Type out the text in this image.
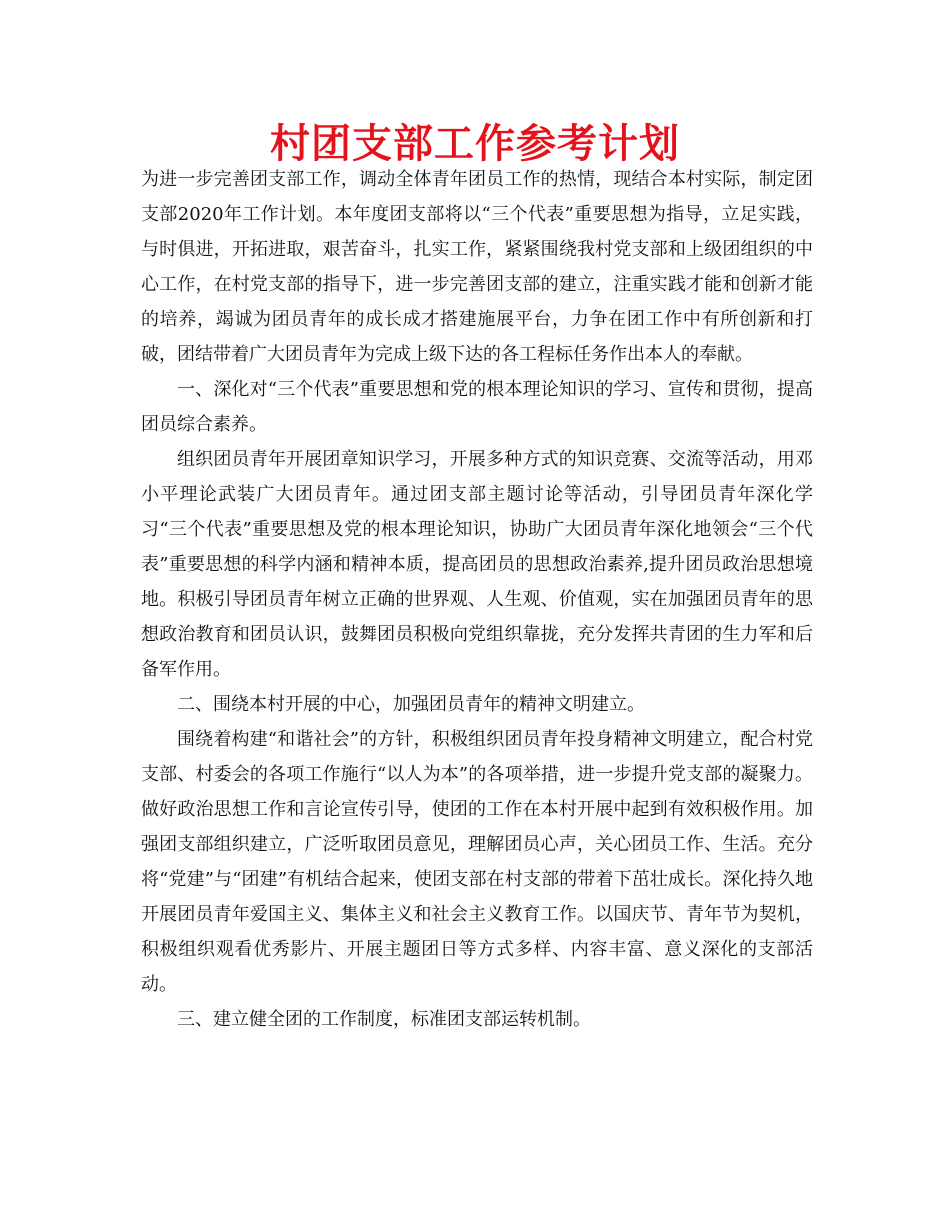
村团支部工作参考计划

为进一步完善团支部工作，调动全体青年团员工作的热情，现结合本村实际，制定团支部2020年工作计划。本年度团支部将以“三个代表”重要思想为指导，立足实践，与时俱进，开拓进取，艰苦奋斗，扎实工作，紧紧围绕我村党支部和上级团组织的中心工作，在村党支部的指导下，进一步完善团支部的建立，注重实践才能和创新才能的培养，竭诚为团员青年的成长成才搭建施展平台，力争在团工作中有所创新和打破，团结带着广大团员青年为完成上级下达的各工程标任务作出本人的奉献。

一、深化对“三个代表”重要思想和党的根本理论知识的学习、宣传和贯彻，提高团员综合素养。

组织团员青年开展团章知识学习，开展多种方式的知识竞赛、交流等活动，用邓小平理论武装广大团员青年。通过团支部主题讨论等活动，引导团员青年深化学习“三个代表”重要思想及党的根本理论知识，协助广大团员青年深化地领会“三个代表”重要思想的科学内涵和精神本质，提高团员的思想政治素养,提升团员政治思想境地。积极引导团员青年树立正确的世界观、人生观、价值观，实在加强团员青年的思想政治教育和团员认识，鼓舞团员积极向党组织靠拢，充分发挥共青团的生力军和后备军作用。

二、围绕本村开展的中心，加强团员青年的精神文明建立。

围绕着构建“和谐社会”的方针，积极组织团员青年投身精神文明建立，配合村党支部、村委会的各项工作施行“以人为本”的各项举措，进一步提升党支部的凝聚力。做好政治思想工作和言论宣传引导，使团的工作在本村开展中起到有效积极作用。加强团支部组织建立，广泛听取团员意见，理解团员心声，关心团员工作、生活。充分将“党建”与“团建”有机结合起来，使团支部在村支部的带着下茁壮成长。深化持久地开展团员青年爱国主义、集体主义和社会主义教育工作。以国庆节、青年节为契机，积极组织观看优秀影片、开展主题团日等方式多样、内容丰富、意义深化的支部活动。

三、建立健全团的工作制度，标准团支部运转机制。
